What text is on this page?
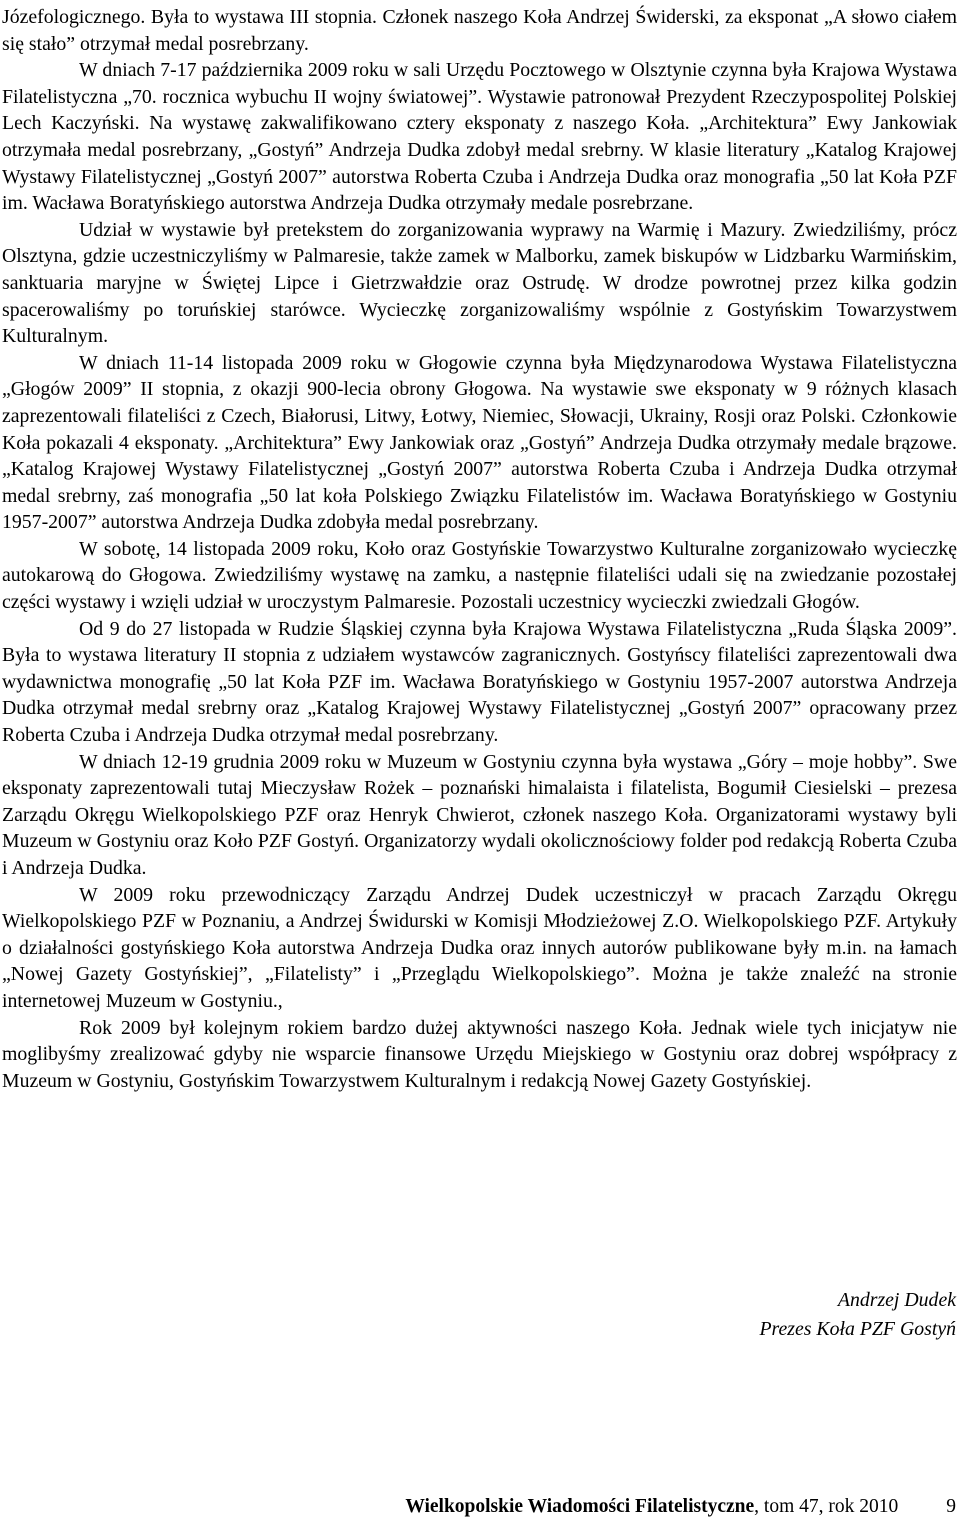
Józefologicznego. Była to wystawa III stopnia. Członek naszego Koła Andrzej Świderski, za eksponat „A słowo ciałem się stało” otrzymał medal posrebrzany.

W dniach 7-17 października 2009 roku w sali Urzędu Pocztowego w Olsztynie czynna była Krajowa Wystawa Filatelistyczna „70. rocznica wybuchu II wojny światowej”. Wystawie patronował Prezydent Rzeczypospolitej Polskiej Lech Kaczyński. Na wystawę zakwalifikowano cztery eksponaty z naszego Koła. „Architektura” Ewy Jankowiak otrzymała medal posrebrzany, „Gostyń” Andrzeja Dudka zdobył medal srebrny. W klasie literatury „Katalog Krajowej Wystawy Filatelistycznej „Gostyń 2007” autorstwa Roberta Czuba i Andrzeja Dudka oraz monografia „50 lat Koła PZF im. Wacława Boratyńskiego autorstwa Andrzeja Dudka otrzymały medale posrebrzane.

Udział w wystawie był pretekstem do zorganizowania wyprawy na Warmię i Mazury. Zwiedziliśmy, prócz Olsztyna, gdzie uczestniczyliśmy w Palmaresie, także zamek w Malborku, zamek biskupów w Lidzbarku Warmińskim, sanktuaria maryjne w Świętej Lipce i Gietrzwałdzie oraz Ostrudę. W drodze powrotnej przez kilka godzin spacerowaliśmy po toruńskiej starówce. Wycieczkę zorganizowaliśmy wspólnie z Gostyńskim Towarzystwem Kulturalnym.

W dniach 11-14 listopada 2009 roku w Głogowie czynna była Międzynarodowa Wystawa Filatelistyczna „Głogów 2009” II stopnia, z okazji 900-lecia obrony Głogowa. Na wystawie swe eksponaty w 9 różnych klasach zaprezentowali filateliści z Czech, Białorusi, Litwy, Łotwy, Niemiec, Słowacji, Ukrainy, Rosji oraz Polski. Członkowie Koła pokazali 4 eksponaty. „Architektura” Ewy Jankowiak oraz „Gostyń” Andrzeja Dudka otrzymały medale brązowe. „Katalog Krajowej Wystawy Filatelistycznej „Gostyń 2007” autorstwa Roberta Czuba i Andrzeja Dudka otrzymał medal srebrny, zaś monografia „50 lat koła Polskiego Związku Filatelistów im. Wacława Boratyńskiego w Gostyniu 1957-2007” autorstwa Andrzeja Dudka zdobyła medal posrebrzany.

W sobotę, 14 listopada 2009 roku, Koło oraz Gostyńskie Towarzystwo Kulturalne zorganizowało wycieczkę autokarową do Głogowa. Zwiedziliśmy wystawę na zamku, a następnie filateliści udali się na zwiedzanie pozostałej części wystawy i wzięli udział w uroczystym Palmaresie. Pozostali uczestnicy wycieczki zwiedzali Głogów.

Od 9 do 27 listopada w Rudzie Śląskiej czynna była Krajowa Wystawa Filatelistyczna „Ruda Śląska 2009”. Była to wystawa literatury II stopnia z udziałem wystawców zagranicznych. Gostyńscy filateliści zaprezentowali dwa wydawnictwa monografię „50 lat Koła PZF im. Wacława Boratyńskiego w Gostyniu 1957-2007 autorstwa Andrzeja Dudka otrzymał medal srebrny oraz „Katalog Krajowej Wystawy Filatelistycznej „Gostyń 2007” opracowany przez Roberta Czuba i Andrzeja Dudka otrzymał medal posrebrzany.

W dniach 12-19 grudnia 2009 roku w Muzeum w Gostyniu czynna była wystawa „Góry – moje hobby”. Swe eksponaty zaprezentowali tutaj Mieczysław Rożek – poznański himalaista i filatelista, Bogumił Ciesielski – prezesa Zarządu Okręgu Wielkopolskiego PZF oraz Henryk Chwierot, członek naszego Koła. Organizatorami wystawy byli Muzeum w Gostyniu oraz Koło PZF Gostyń. Organizatorzy wydali okolicznościowy folder pod redakcją Roberta Czuba i Andrzeja Dudka.

W 2009 roku przewodniczący Zarządu Andrzej Dudek uczestniczył w pracach Zarządu Okręgu Wielkopolskiego PZF w Poznaniu, a Andrzej Świdurski w Komisji Młodzieżowej Z.O. Wielkopolskiego PZF. Artykuły o działalności gostyńskiego Koła autorstwa Andrzeja Dudka oraz innych autorów publikowane były m.in. na łamach „Nowej Gazety Gostyńskiej”, „Filatelisty” i „Przeglądu Wielkopolskiego”. Można je także znaleźć na stronie internetowej Muzeum w Gostyniu.,

Rok 2009 był kolejnym rokiem bardzo dużej aktywności naszego Koła. Jednak wiele tych inicjatyw nie moglibyśmy zrealizować gdyby nie wsparcie finansowe Urzędu Miejskiego w Gostyniu oraz dobrej współpracy z Muzeum w Gostyniu, Gostyńskim Towarzystwem Kulturalnym i redakcją Nowej Gazety Gostyńskiej.

Andrzej Dudek
Prezes Koła PZF Gostyń
Wielkopolskie Wiadomości Filatelistyczne, tom 47, rok 2010 9
